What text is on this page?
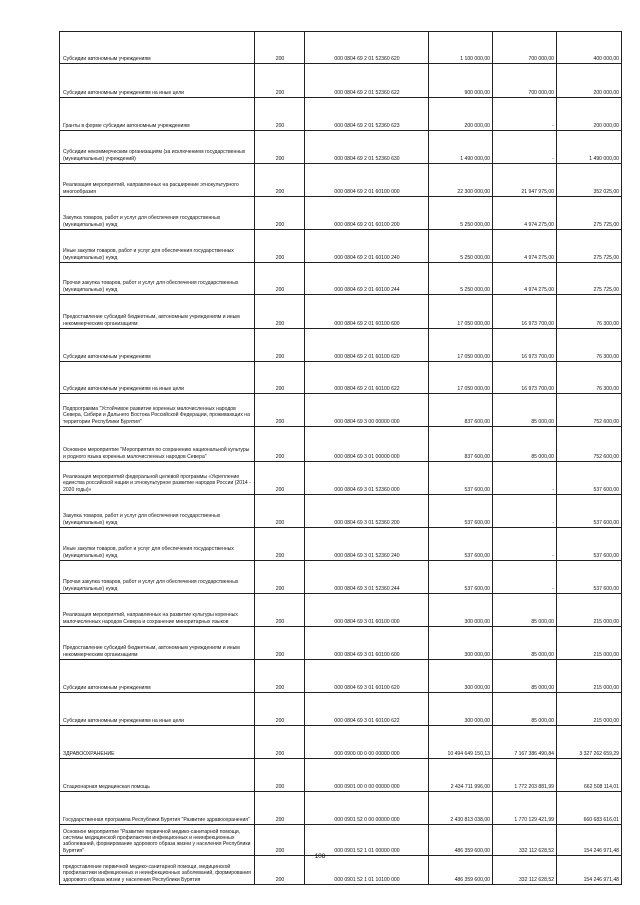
Субсидии автономным учреждениям	200	000 0804 69 2 01 52360 620	1 100 000,00	700 000,00	400 000,00
Субсидии автономным учреждениям на иные цели	200	000 0804 69 2 01 52360 622	900 000,00	700 000,00	200 000,00
Гранты в форме субсидии автономным учреждениям	200	000 0804 69 2 01 52360 623	200 000,00	-	200 000,00
Субсидии некоммерческим организациям (за исключением государственных (муниципальных) учреждений)	200	000 0804 69 2 01 52360 630	1 490 000,00	-	1 490 000,00
Реализация мероприятий, направленных на расширение этнокультурного многообразия	200	000 0804 69 2 01 60100 000	22 300 000,00	21 947 975,00	352 025,00
Закупка товаров, работ и услуг для обеспечения государственных (муниципальных) нужд	200	000 0804 69 2 01 60100 200	5 250 000,00	4 974 275,00	275 725,00
Иные закупки товаров, работ и услуг для обеспечения государственных (муниципальных) нужд	200	000 0804 69 2 01 60100 240	5 250 000,00	4 974 275,00	275 725,00
Прочая закупка товаров, работ и услуг для обеспечения государственных (муниципальных) нужд	200	000 0804 69 2 01 60100 244	5 250 000,00	4 974 275,00	275 725,00
Предоставление субсидий бюджетным, автономным учреждениям и иным некоммерческим организациям	200	000 0804 69 2 01 60100 600	17 050 000,00	16 973 700,00	76 300,00
Субсидии автономным учреждениям	200	000 0804 69 2 01 60100 620	17 050 000,00	16 973 700,00	76 300,00
Субсидии автономным учреждениям на иные цели	200	000 0804 69 2 01 60100 622	17 050 000,00	16 973 700,00	76 300,00
Подпрограмма "Устойчивое развитие коренных малочисленных народов Севера, Сибири и Дальнего Востока Российской Федерации, проживающих на территории Республики Бурятия"	200	000 0804 69 3 00 00000 000	837 600,00	85 000,00	752 600,00
Основное мероприятие "Мероприятия по сохранению национальной культуры и родного языка коренных малочисленных народов Севера"	200	000 0804 69 3 01 00000 000	837 600,00	85 000,00	752 600,00
Реализация мероприятий федеральной целевой программы «Укрепление единства российской нации и этнокультурное развитие народов России (2014 - 2020 годы)»	200	000 0804 69 3 01 52360 000	537 600,00	-	537 600,00
Закупка товаров, работ и услуг для обеспечения государственных (муниципальных) нужд	200	000 0804 69 3 01 52360 200	537 600,00	-	537 600,00
Иные закупки товаров, работ и услуг для обеспечения государственных (муниципальных) нужд	200	000 0804 69 3 01 52360 240	537 600,00	-	537 600,00
Прочая закупка товаров, работ и услуг для обеспечения государственных (муниципальных) нужд	200	000 0804 69 3 01 52360 244	537 600,00	-	537 600,00
Реализация мероприятий, направленных на развитие культуры коренных малочисленных народов Севера и сохранение миноритарных языков	200	000 0804 69 3 01 60100 000	300 000,00	85 000,00	215 000,00
Предоставление субсидий бюджетным, автономным учреждениям и иным некоммерческим организациям	200	000 0804 69 3 01 60100 600	300 000,00	85 000,00	215 000,00
Субсидии автономным учреждениям	200	000 0804 69 3 01 60100 620	300 000,00	85 000,00	215 000,00
Субсидии автономным учреждениям на иные цели	200	000 0804 69 3 01 60100 622	300 000,00	85 000,00	215 000,00
ЗДРАВООХРАНЕНИЕ	200	000 0900 00 0 00 00000 000	10 494 649 150,13	7 167 386 490,84	3 327 262 659,29
Стационарная медицинская помощь	200	000 0901 00 0 00 00000 000	2 434 711 996,00	1 772 203 881,99	662 508 114,01
Государственная программа Республики Бурятия "Развитие здравоохранения"	200	000 0901 52 0 00 00000 000	2 430 813 038,00	1 770 129 421,99	660 683 616,01
Основное мероприятие "Развитие первичной медико-санитарной помощи, системы медицинской профилактики инфекционных и неинфекционных заболеваний, формирование здорового образа жизни у населения Республики Бурятия"	200	000 0901 52 1 01 00000 000	486 359 600,00	332 112 628,52	154 246 971,48
предоставление первичной медико-санитарной помощи, медицинской профилактики инфекционных и неинфекционных заболеваний, формирования здорового образа жизни у населения Республики Бурятия	200	000 0901 52 1 01 10100 000	486 359 600,00	332 112 628,52	154 246 971,48
108
